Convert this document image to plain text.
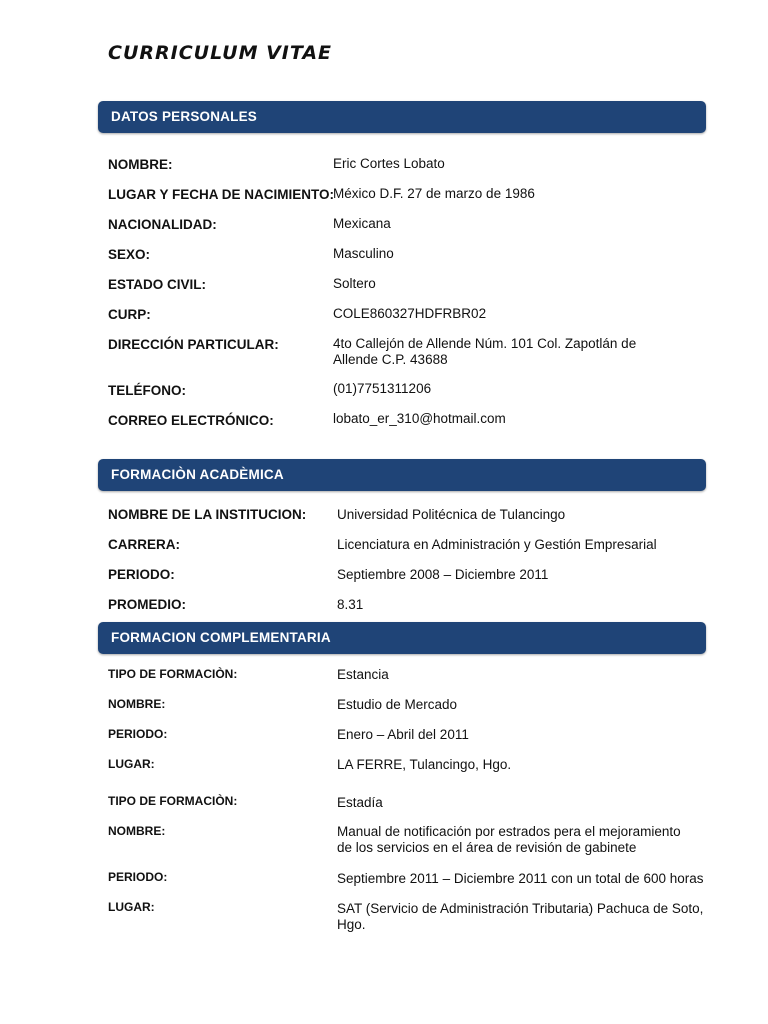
CURRICULUM VITAE
DATOS PERSONALES
NOMBRE:	Eric Cortes Lobato
LUGAR Y FECHA DE NACIMIENTO:
México D.F. 27 de marzo de 1986
NACIONALIDAD:	Mexicana
SEXO:	Masculino
ESTADO CIVIL:	Soltero
CURP:	COLE860327HDFRBR02
DIRECCIÓN PARTICULAR:	4to Callejón de Allende Núm. 101 Col. Zapotlán de Allende C.P. 43688
TELÉFONO:	(01)7751311206
CORREO ELECTRÓNICO:	lobato_er_310@hotmail.com
FORMACIÒN ACADÈMICA
NOMBRE DE LA INSTITUCION: Universidad Politécnica de Tulancingo
CARRERA:	Licenciatura en Administración y Gestión Empresarial
PERIODO:	Septiembre 2008 – Diciembre 2011
PROMEDIO:	8.31
FORMACION COMPLEMENTARIA
TIPO DE FORMACIÒN:	Estancia
NOMBRE:	Estudio de Mercado
PERIODO:	Enero – Abril del 2011
LUGAR:	LA FERRE, Tulancingo, Hgo.
TIPO DE FORMACIÒN:	Estadía
NOMBRE:	Manual de notificación por estrados pera el mejoramiento de los servicios en el área de revisión de gabinete
PERIODO:	Septiembre 2011 – Diciembre 2011 con un total de 600 horas
LUGAR:	SAT (Servicio de Administración Tributaria) Pachuca de Soto, Hgo.
